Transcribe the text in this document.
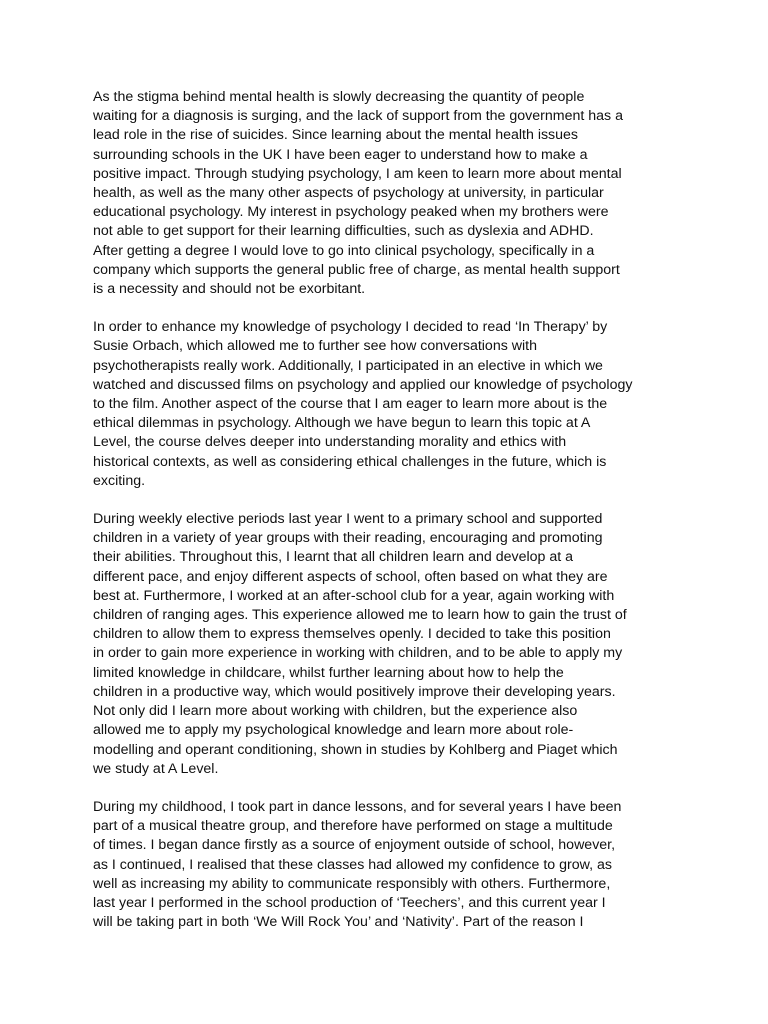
As the stigma behind mental health is slowly decreasing the quantity of people
waiting for a diagnosis is surging, and the lack of support from the government has a
lead role in the rise of suicides. Since learning about the mental health issues
surrounding schools in the UK I have been eager to understand how to make a
positive impact. Through studying psychology, I am keen to learn more about mental
health, as well as the many other aspects of psychology at university, in particular
educational psychology. My interest in psychology peaked when my brothers were
not able to get support for their learning difficulties, such as dyslexia and ADHD.
After getting a degree I would love to go into clinical psychology, specifically in a
company which supports the general public free of charge, as mental health support
is a necessity and should not be exorbitant.

In order to enhance my knowledge of psychology I decided to read ‘In Therapy’ by
Susie Orbach, which allowed me to further see how conversations with
psychotherapists really work. Additionally, I participated in an elective in which we
watched and discussed films on psychology and applied our knowledge of psychology
to the film. Another aspect of the course that I am eager to learn more about is the
ethical dilemmas in psychology. Although we have begun to learn this topic at A
Level, the course delves deeper into understanding morality and ethics with
historical contexts, as well as considering ethical challenges in the future, which is
exciting.

During weekly elective periods last year I went to a primary school and supported
children in a variety of year groups with their reading, encouraging and promoting
their abilities. Throughout this, I learnt that all children learn and develop at a
different pace, and enjoy different aspects of school, often based on what they are
best at. Furthermore, I worked at an after-school club for a year, again working with
children of ranging ages. This experience allowed me to learn how to gain the trust of
children to allow them to express themselves openly. I decided to take this position
in order to gain more experience in working with children, and to be able to apply my
limited knowledge in childcare, whilst further learning about how to help the
children in a productive way, which would positively improve their developing years.
Not only did I learn more about working with children, but the experience also
allowed me to apply my psychological knowledge and learn more about role-
modelling and operant conditioning, shown in studies by Kohlberg and Piaget which
we study at A Level.

During my childhood, I took part in dance lessons, and for several years I have been
part of a musical theatre group, and therefore have performed on stage a multitude
of times. I began dance firstly as a source of enjoyment outside of school, however,
as I continued, I realised that these classes had allowed my confidence to grow, as
well as increasing my ability to communicate responsibly with others. Furthermore,
last year I performed in the school production of ‘Teechers’, and this current year I
will be taking part in both ‘We Will Rock You’ and ‘Nativity’. Part of the reason I
